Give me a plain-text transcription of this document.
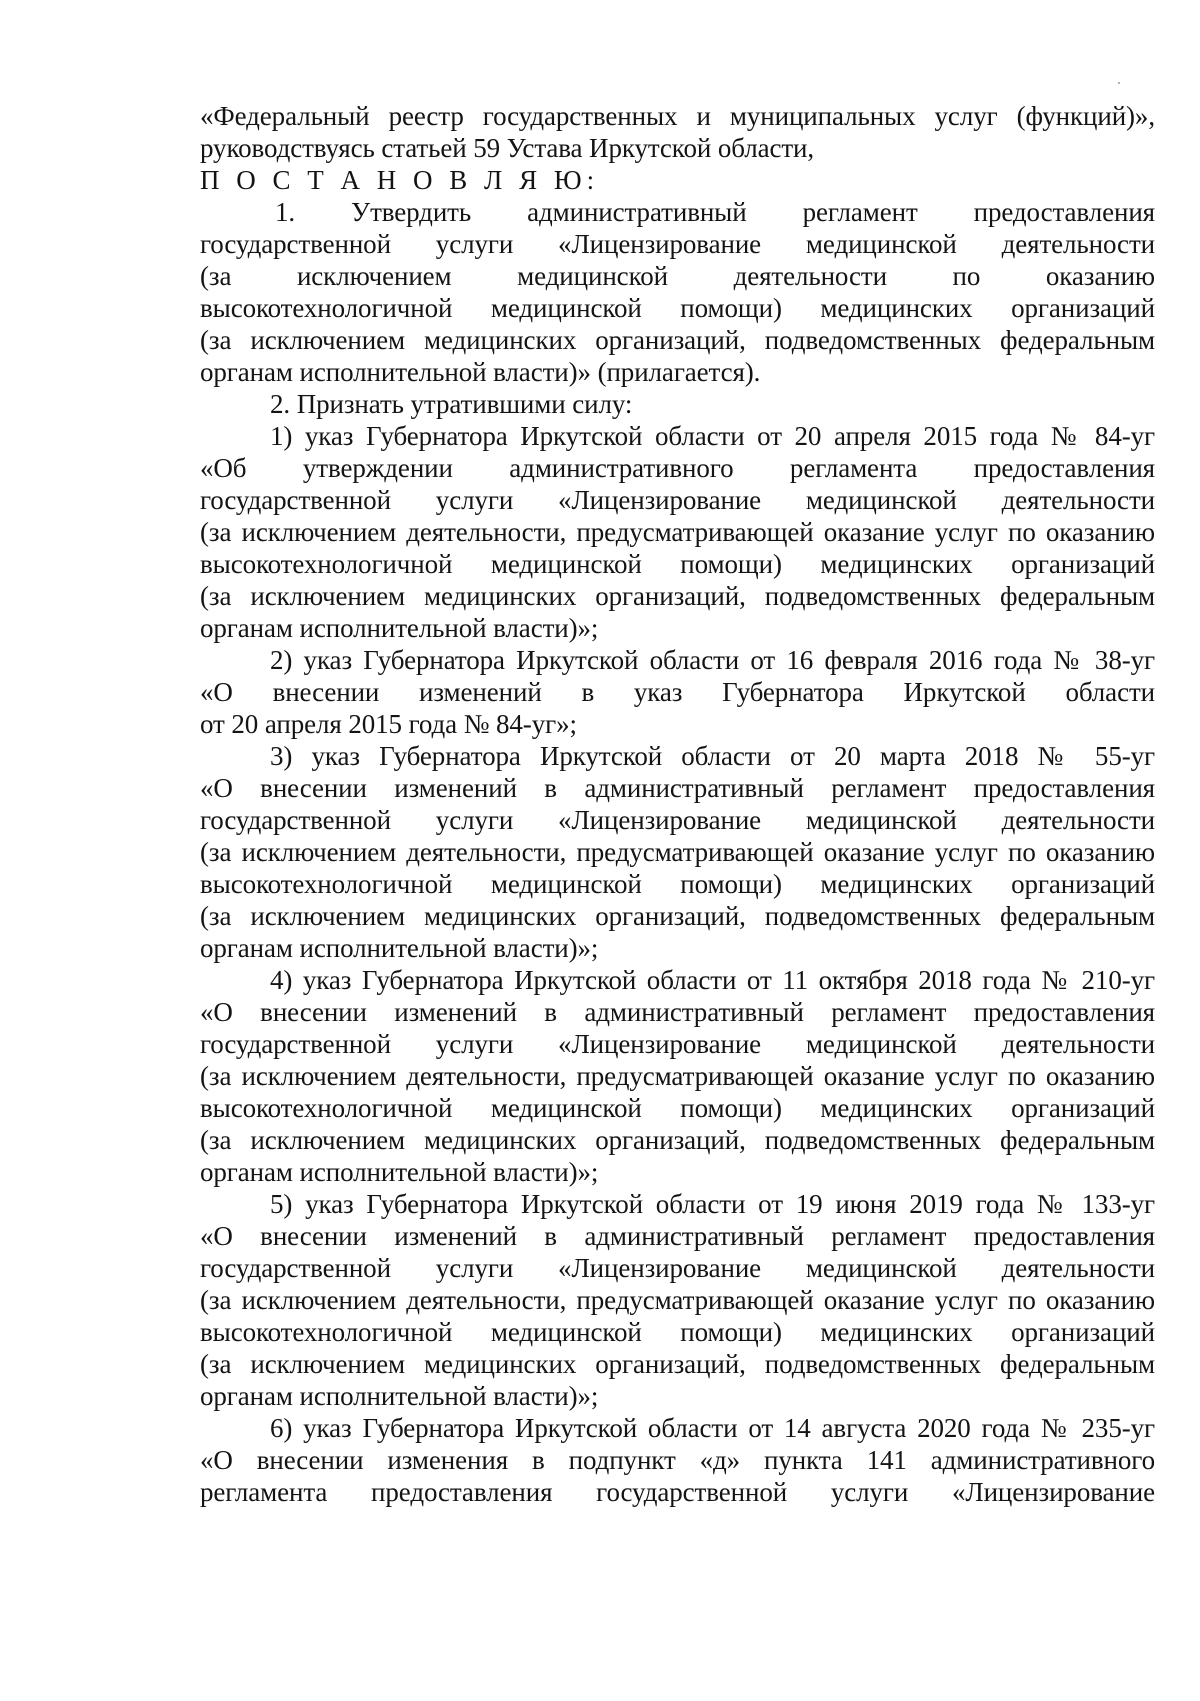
«Федеральный реестр государственных и муниципальных услуг (функций)»,
руководствуясь статьей 59 Устава Иркутской области,
П О С Т А Н О В Л Я Ю:
1. Утвердить административный регламент предоставления
государственной услуги «Лицензирование медицинской деятельности
(за исключением медицинской деятельности по оказанию
высокотехнологичной медицинской помощи) медицинских организаций
(за исключением медицинских организаций, подведомственных федеральным
органам исполнительной власти)» (прилагается).
2. Признать утратившими силу:
1) указ Губернатора Иркутской области от 20 апреля 2015 года № 84-уг
«Об утверждении административного регламента предоставления
государственной услуги «Лицензирование медицинской деятельности
(за исключением деятельности, предусматривающей оказание услуг по оказанию
высокотехнологичной медицинской помощи) медицинских организаций
(за исключением медицинских организаций, подведомственных федеральным
органам исполнительной власти)»;
2) указ Губернатора Иркутской области от 16 февраля 2016 года № 38-уг
«О внесении изменений в указ Губернатора Иркутской области
от 20 апреля 2015 года № 84-уг»;
3) указ Губернатора Иркутской области от 20 марта 2018 № 55-уг
«О внесении изменений в административный регламент предоставления
государственной услуги «Лицензирование медицинской деятельности
(за исключением деятельности, предусматривающей оказание услуг по оказанию
высокотехнологичной медицинской помощи) медицинских организаций
(за исключением медицинских организаций, подведомственных федеральным
органам исполнительной власти)»;
4) указ Губернатора Иркутской области от 11 октября 2018 года № 210-уг
«О внесении изменений в административный регламент предоставления
государственной услуги «Лицензирование медицинской деятельности
(за исключением деятельности, предусматривающей оказание услуг по оказанию
высокотехнологичной медицинской помощи) медицинских организаций
(за исключением медицинских организаций, подведомственных федеральным
органам исполнительной власти)»;
5) указ Губернатора Иркутской области от 19 июня 2019 года № 133-уг
«О внесении изменений в административный регламент предоставления
государственной услуги «Лицензирование медицинской деятельности
(за исключением деятельности, предусматривающей оказание услуг по оказанию
высокотехнологичной медицинской помощи) медицинских организаций
(за исключением медицинских организаций, подведомственных федеральным
органам исполнительной власти)»;
6) указ Губернатора Иркутской области от 14 августа 2020 года № 235-уг
«О внесении изменения в подпункт «д» пункта 141 административного
регламента предоставления государственной услуги «Лицензирование
